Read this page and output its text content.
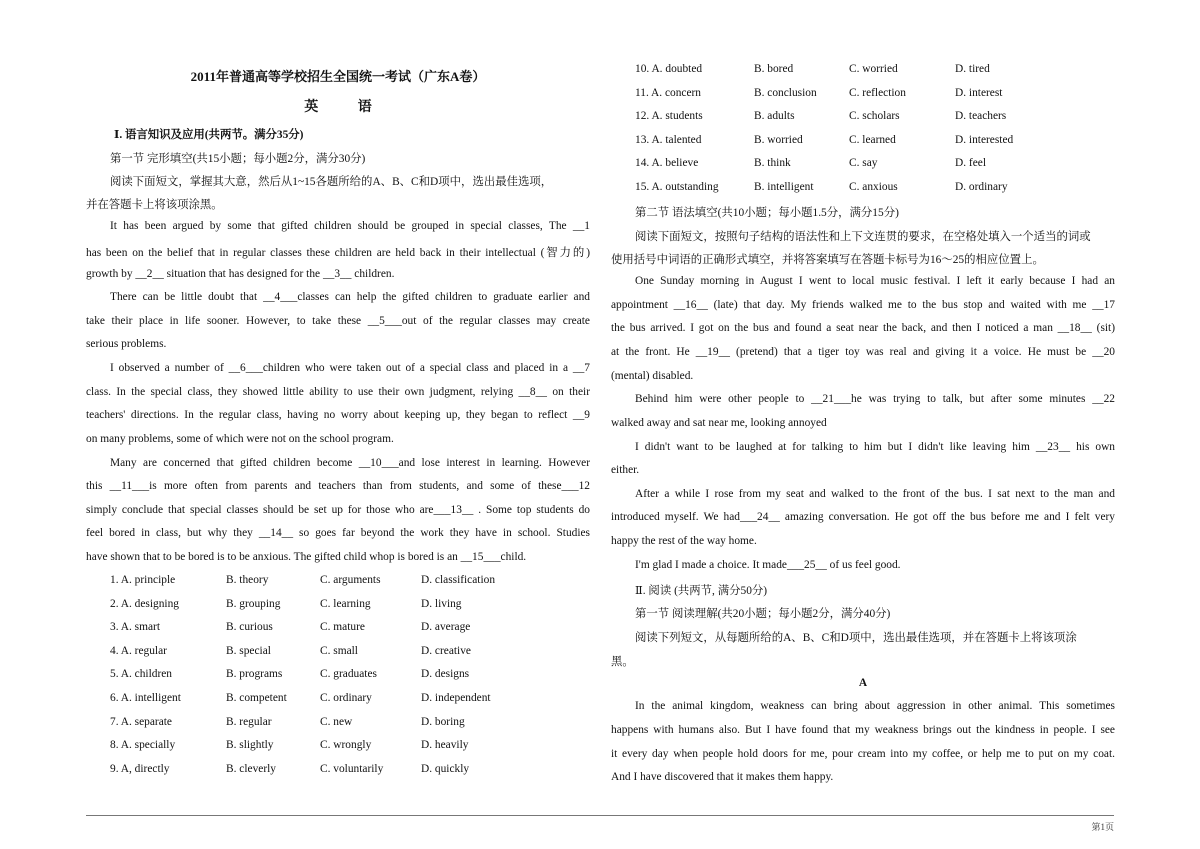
2011年普通高等学校招生全国统一考试（广东A卷）
英 语
Ⅰ. 语言知识及应用(共两节。满分35分)
第一节 完形填空(共15小题；每小题2分，满分30分)
阅读下面短文，掌握其大意，然后从1~15各题所给的A、B、C和D项中，选出最佳选项，
并在答题卡上将该项涂黑。
It has been argued by some that gifted children should be grouped in special classes, The __1
has been on the belief that in regular classes these children are held back in their intellectual (智力的)
growth by __2__ situation that has designed for the __3__ children.
There can be little doubt that __4___classes can help the gifted children to graduate earlier and
take their place in life sooner. However, to take these __5___out of the regular classes may create
serious problems.
I observed a number of __6___children who were taken out of a special class and placed in a __7
class. In the special class, they showed little ability to use their own judgment, relying __8__ on their
teachers' directions. In the regular class, having no worry about keeping up, they began to reflect __9
on many problems, some of which were not on the school program.
Many are concerned that gifted children become __10___and lose interest in learning. However
this __11___is more often from parents and teachers than from students, and some of these___12
simply conclude that special classes should be set up for those who are___13__ . Some top students do
feel bored in class, but why they __14__ so goes far beyond the work they have in school. Studies
have shown that to be bored is to be anxious. The gifted child whop is bored is an __15___child.
1. A. principle	B. theory	C. arguments	D. classification
2. A. designing	B. grouping	C. learning	D. living
3. A. smart	B. curious	C. mature	D. average
4. A. regular	B. special	C. small	D. creative
5. A. children	B. programs	C. graduates	D. designs
6. A. intelligent	B. competent	C. ordinary	D. independent
7. A. separate	B. regular	C. new	D. boring
8. A. specially	B. slightly	C. wrongly	D. heavily
9. A, directly	B. cleverly	C. voluntarily	D. quickly
10. A. doubted	B. bored	C. worried	D. tired
11. A. concern	B. conclusion	C. reflection	D. interest
12. A. students	B. adults	C. scholars	D. teachers
13. A. talented	B. worried	C. learned	D. interested
14. A. believe	B. think	C. say	D. feel
15. A. outstanding	B. intelligent	C. anxious	D. ordinary
第二节 语法填空(共10小题；每小题1.5分，满分15分)
阅读下面短文，按照句子结构的语法性和上下文连贯的要求，在空格处填入一个适当的词或
使用括号中词语的正确形式填空，并将答案填写在答题卡标号为16～25的相应位置上。
One Sunday morning in August I went to local music festival. I left it early because I had an
appointment __16__ (late) that day. My friends walked me to the bus stop and waited with me __17
the bus arrived. I got on the bus and found a seat near the back, and then I noticed a man __18__ (sit)
at the front. He __19__ (pretend) that a tiger toy was real and giving it a voice. He must be __20
(mental) disabled.
Behind him were other people to __21___he was trying to talk, but after some minutes __22
walked away and sat near me, looking annoyed
I didn't want to be laughed at for talking to him but I didn't like leaving him __23__ his own
either.
After a while I rose from my seat and walked to the front of the bus. I sat next to the man and
introduced myself. We had___24__ amazing conversation. He got off the bus before me and I felt very
happy the rest of the way home.
I'm glad I made a choice. It made___25__ of us feel good.
Ⅱ. 阅读 (共两节, 满分50分)
第一节 阅读理解(共20小题；每小题2分，满分40分)
阅读下列短文，从每题所给的A、B、C和D项中，选出最佳选项，并在答题卡上将该项涂
黑。
A
In the animal kingdom, weakness can bring about aggression in other animal. This sometimes
happens with humans also. But I have found that my weakness brings out the kindness in people. I see
it every day when people hold doors for me, pour cream into my coffee, or help me to put on my coat.
And I have discovered that it makes them happy.
第1页
